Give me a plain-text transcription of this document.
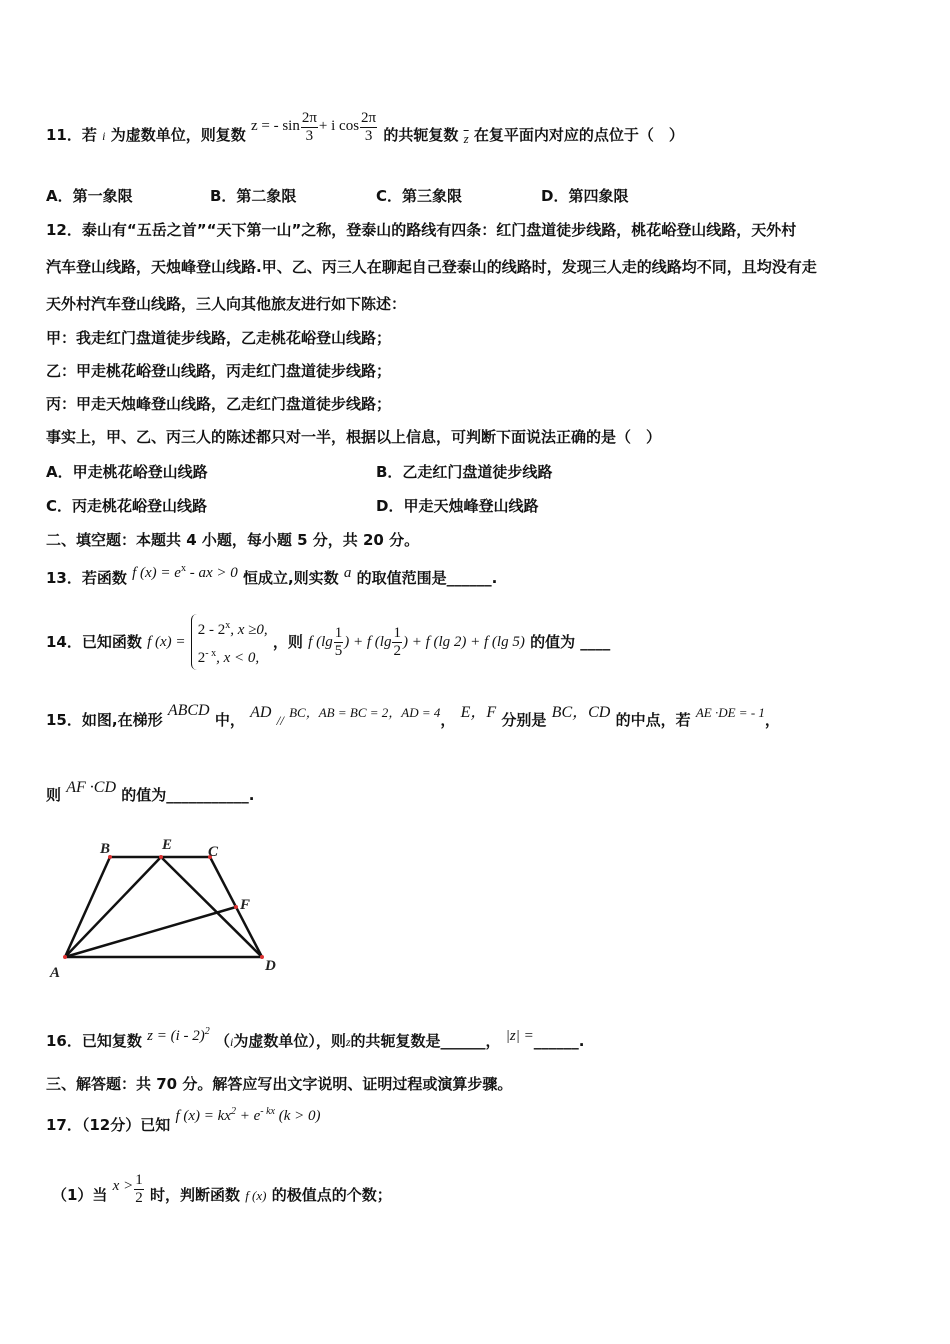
11．若 i 为虚数单位，则复数 z = - $\sin \frac{2\pi}{3} + i$ $\cos \frac{2\pi}{3}$ 的共轭复数 $\overline{z}$ 在复平面内对应的点位于（　）
A．第一象限	B．第二象限	C．第三象限	D．第四象限
12．泰山有“五岳之首”“天下第一山”之称，登泰山的路线有四条：红门盘道徒步线路，桃花峪登山线路，天外村
汽车登山线路，天烛峰登山线路.甲、乙、丙三人在聊起自己登泰山的线路时，发现三人走的线路均不同，且均没有走
天外村汽车登山线路，三人向其他旅友进行如下陈述：
甲：我走红门盘道徒步线路，乙走桃花峪登山线路；
乙：甲走桃花峪登山线路，丙走红门盘道徒步线路；
丙：甲走天烛峰登山线路，乙走红门盘道徒步线路；
事实上，甲、乙、丙三人的陈述都只对一半，根据以上信息，可判断下面说法正确的是（　）
A．甲走桃花峪登山线路	B．乙走红门盘道徒步线路
C．丙走桃花峪登山线路	D．甲走天烛峰登山线路
二、填空题：本题共 4 小题，每小题 5 分，共 20 分。
13．若函数 f $(x) = e^x$ - ax > 0 恒成立,则实数 a 的取值范围是______.
14．已知函数 f (x) =
2 - 2$^x$, x ≥0,
$2^{- x}$, x < 0,
，则 f ($\lg \frac{1}{5}$ ) + f ($\lg \frac{1}{2}$ ) + f (lg 2) + f (lg 5) 的值为 ____
15．如图,在梯形 ABCD 中， AD // BC，AB = BC = 2，AD = 4， E，F 分别是 BC，CD 的中点，若 AE ·DE = - 1，
则 AF ·CD 的值为___________.
B	E C
F
A	D
16．已知复数 z = (i - 2)$^2$ （i为虚数单位），则z的共轭复数是______， |z| =______.
三、解答题：共 70 分。解答应写出文字说明、证明过程或演算步骤。
17．（12分）已知 f $(x) = kx^2 + e^{- kx}$ (k > 0)
（1）当 $x > \frac{1}{2}$ 时，判断函数 f (x) 的极值点的个数；
